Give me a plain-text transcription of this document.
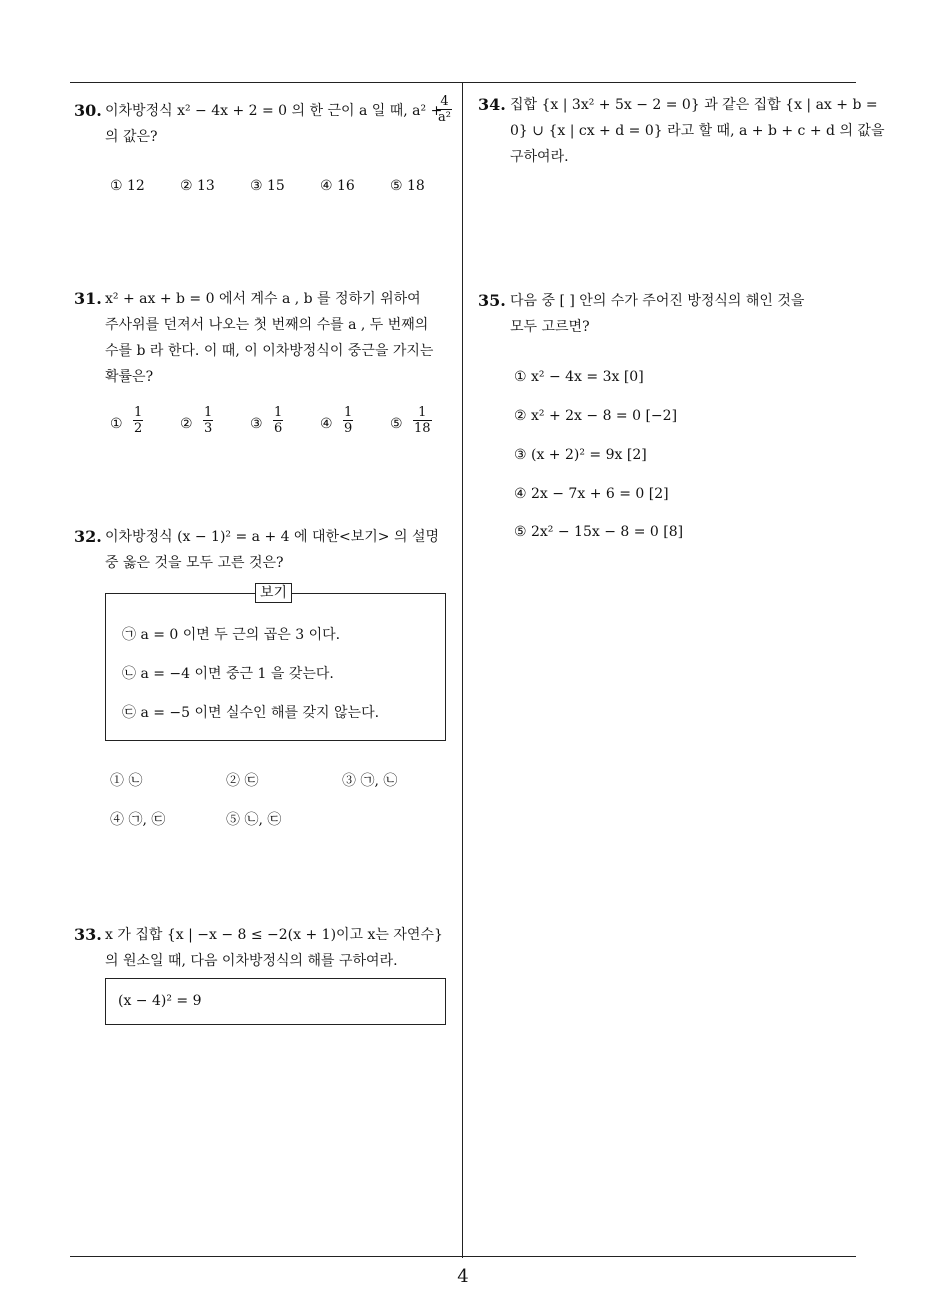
30. 이차방정식 x² − 4x + 2 = 0 의 한 근이 a 일 때, a² +
4
a²
의 값은?
① 12	② 13	③ 15	④ 16	⑤ 18
31. x² + ax + b = 0 에서 계수 a , b 를 정하기 위하여
주사위를 던져서 나오는 첫 번째의 수를 a , 두 번째의
수를 b 라 한다. 이 때, 이 이차방정식이 중근을 가지는
확률은?
①
1
2	②
1
3	③
1
6	④
1
9	⑤
1
18
32. 이차방정식 (x − 1)² = a + 4 에 대한<보기> 의 설명
중 옳은 것을 모두 고른 것은?
보기
㉠ a = 0 이면 두 근의 곱은 3 이다.
㉡ a = −4 이면 중근 1 을 갖는다.
㉢ a = −5 이면 실수인 해를 갖지 않는다.
① ㉡	② ㉢	③ ㉠, ㉡
④ ㉠, ㉢	⑤ ㉡, ㉢
33. x 가 집합 {x | −x − 8 ≤ −2(x + 1)이고 x는 자연수}
의 원소일 때, 다음 이차방정식의 해를 구하여라.
(x − 4)² = 9
34. 집합 {x | 3x² + 5x − 2 = 0} 과 같은 집합 {x | ax + b =
0} ∪ {x | cx + d = 0} 라고 할 때, a + b + c + d 의 값을
구하여라.
35. 다음 중 [ ] 안의 수가 주어진 방정식의 해인 것을
모두 고르면?
① x² − 4x = 3x [0]
② x² + 2x − 8 = 0 [−2]
③ (x + 2)² = 9x [2]
④ 2x − 7x + 6 = 0 [2]
⑤ 2x² − 15x − 8 = 0 [8]
4
